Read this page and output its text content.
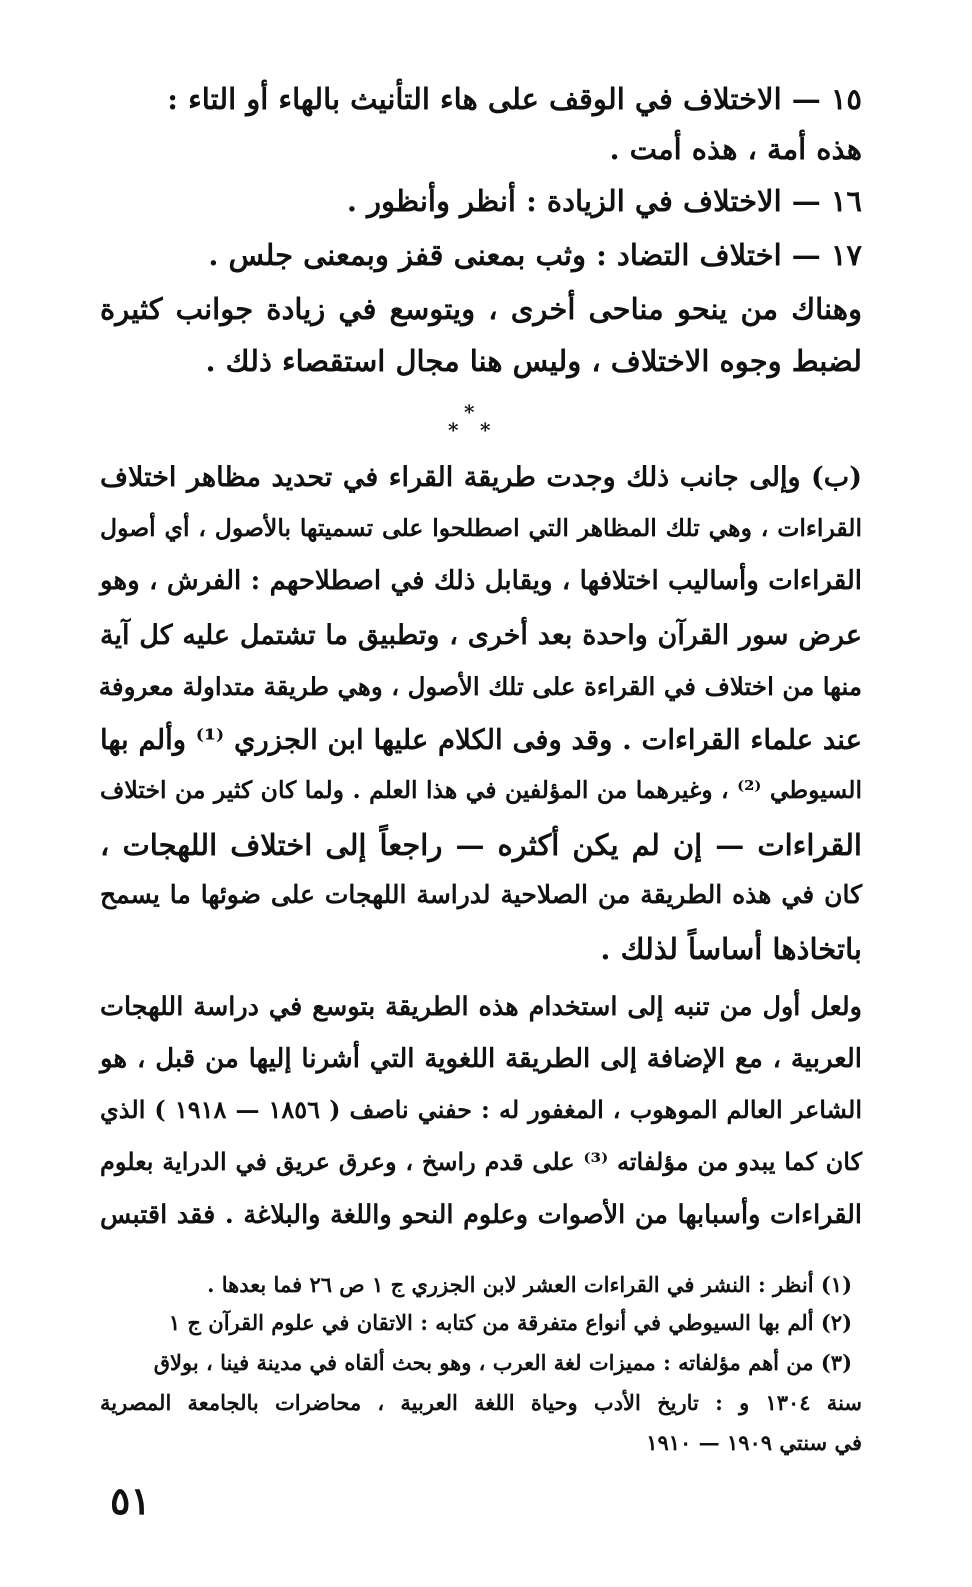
١٥ — الاختلاف في الوقف على هاء التأنيث بالهاء أو التاء :
هذه أمة ، هذه أمت .
١٦ — الاختلاف في الزيادة : أنظر وأنظور .
١٧ — اختلاف التضاد : وثب بمعنى قفز وبمعنى جلس .
وهناك من ينحو مناحى أخرى ، ويتوسع في زيادة جوانب كثيرة
لضبط وجوه الاختلاف ، وليس هنا مجال استقصاء ذلك .
*
* *
(ب) وإلى جانب ذلك وجدت طريقة القراء في تحديد مظاهر اختلاف
القراءات ، وهي تلك المظاهر التي اصطلحوا على تسميتها بالأصول ، أي أصول
القراءات وأساليب اختلافها ، ويقابل ذلك في اصطلاحهم : الفرش ، وهو
عرض سور القرآن واحدة بعد أخرى ، وتطبيق ما تشتمل عليه كل آية
منها من اختلاف في القراءة على تلك الأصول ، وهي طريقة متداولة معروفة
عند علماء القراءات . وقد وفى الكلام عليها ابن الجزري ⁽¹⁾ وألم بها
السيوطي ⁽²⁾ ، وغيرهما من المؤلفين في هذا العلم . ولما كان كثير من اختلاف
القراءات — إن لم يكن أكثره — راجعاً إلى اختلاف اللهجات ،
كان في هذه الطريقة من الصلاحية لدراسة اللهجات على ضوئها ما يسمح
باتخاذها أساساً لذلك .
ولعل أول من تنبه إلى استخدام هذه الطريقة بتوسع في دراسة اللهجات
العربية ، مع الإضافة إلى الطريقة اللغوية التي أشرنا إليها من قبل ، هو
الشاعر العالم الموهوب ، المغفور له : حفني ناصف ( ١٨٥٦ — ١٩١٨ ) الذي
كان كما يبدو من مؤلفاته ⁽³⁾ على قدم راسخ ، وعرق عريق في الدراية بعلوم
القراءات وأسبابها من الأصوات وعلوم النحو واللغة والبلاغة . فقد اقتبس
(١) أنظر : النشر في القراءات العشر لابن الجزري ج ١ ص ٢٦ فما بعدها .
(٢) ألم بها السيوطي في أنواع متفرقة من كتابه : الاتقان في علوم القرآن ج ١
(٣) من أهم مؤلفاته : مميزات لغة العرب ، وهو بحث ألقاه في مدينة فينا ، بولاق
سنة ١٣٠٤ و : تاريخ الأدب وحياة اللغة العربية ، محاضرات بالجامعة المصرية
في سنتي ١٩٠٩ — ١٩١٠
٥١
